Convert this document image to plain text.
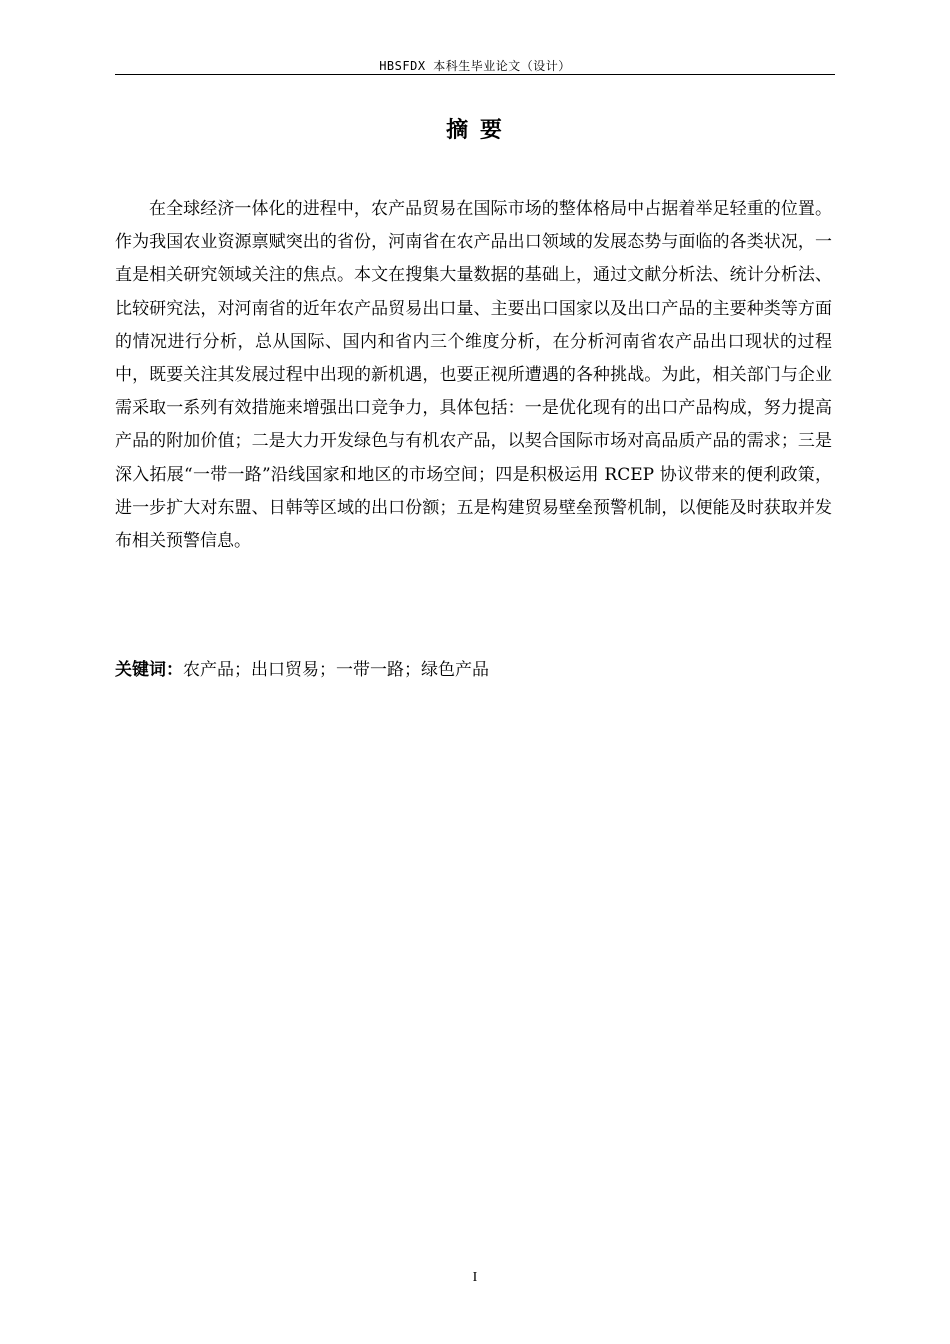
HBSFDX 本科生毕业论文（设计）
摘 要

在全球经济一体化的进程中，农产品贸易在国际市场的整体格局中占据着举足轻重的位置。作为我国农业资源禀赋突出的省份，河南省在农产品出口领域的发展态势与面临的各类状况，一直是相关研究领域关注的焦点。本文在搜集大量数据的基础上，通过文献分析法、统计分析法、比较研究法，对河南省的近年农产品贸易出口量、主要出口国家以及出口产品的主要种类等方面的情况进行分析，总从国际、国内和省内三个维度分析，在分析河南省农产品出口现状的过程中，既要关注其发展过程中出现的新机遇，也要正视所遭遇的各种挑战。为此，相关部门与企业需采取一系列有效措施来增强出口竞争力，具体包括：一是优化现有的出口产品构成，努力提高产品的附加价值；二是大力开发绿色与有机农产品，以契合国际市场对高品质产品的需求；三是深入拓展“一带一路”沿线国家和地区的市场空间；四是积极运用 RCEP 协议带来的便利政策，进一步扩大对东盟、日韩等区域的出口份额；五是构建贸易壁垒预警机制，以便能及时获取并发布相关预警信息。

关键词：农产品；出口贸易；一带一路；绿色产品

I
